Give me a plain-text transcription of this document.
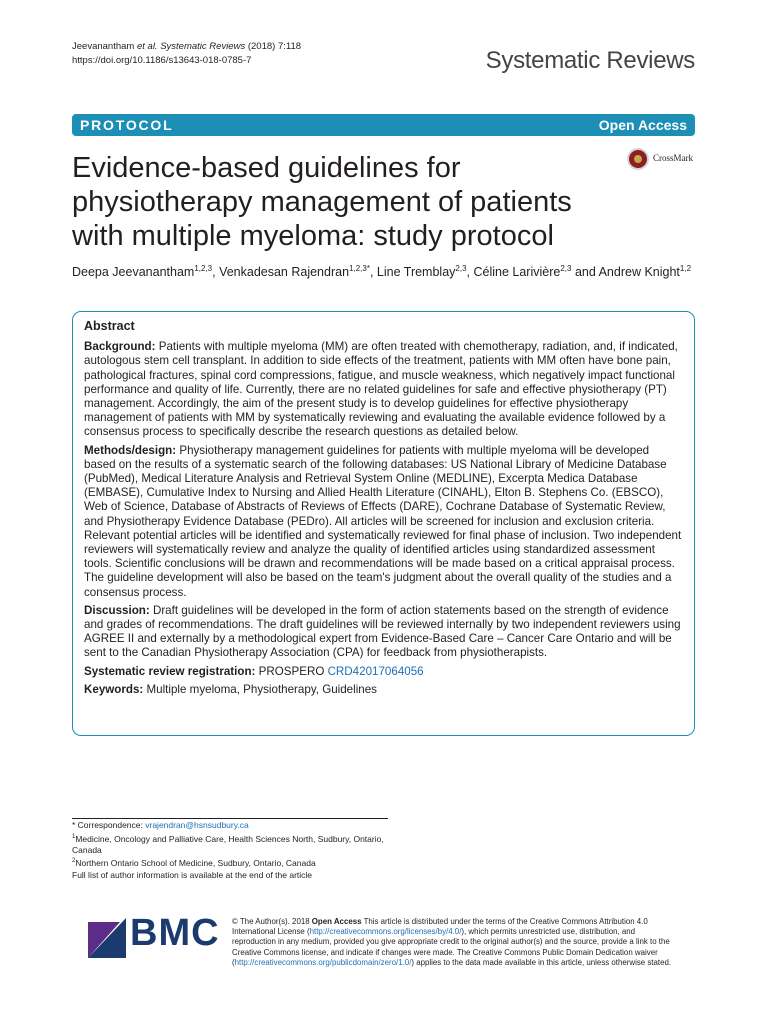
Jeevanantham et al. Systematic Reviews (2018) 7:118
https://doi.org/10.1186/s13643-018-0785-7	Systematic Reviews
PROTOCOL	Open Access
CrossMark
Evidence-based guidelines for physiotherapy management of patients with multiple myeloma: study protocol
Deepa Jeevanantham$^{1,2,3}$, Venkadesan Rajendran$^{1,2,3*}$, Line Tremblay$^{2,3}$, Céline Larivière$^{2,3}$ and Andrew Knight$^{1,2}$
Abstract

Background: Patients with multiple myeloma (MM) are often treated with chemotherapy, radiation, and, if indicated, autologous stem cell transplant. In addition to side effects of the treatment, patients with MM often have bone pain, pathological fractures, spinal cord compressions, fatigue, and muscle weakness, which negatively impact functional performance and quality of life. Currently, there are no related guidelines for safe and effective physiotherapy (PT) management. Accordingly, the aim of the present study is to develop guidelines for effective physiotherapy management of patients with MM by systematically reviewing and evaluating the available evidence followed by a consensus process to specifically describe the research questions as detailed below.

Methods/design: Physiotherapy management guidelines for patients with multiple myeloma will be developed based on the results of a systematic search of the following databases: US National Library of Medicine Database (PubMed), Medical Literature Analysis and Retrieval System Online (MEDLINE), Excerpta Medica Database (EMBASE), Cumulative Index to Nursing and Allied Health Literature (CINAHL), Elton B. Stephens Co. (EBSCO), Web of Science, Database of Abstracts of Reviews of Effects (DARE), Cochrane Database of Systematic Review, and Physiotherapy Evidence Database (PEDro). All articles will be screened for inclusion and exclusion criteria. Relevant potential articles will be identified and systematically reviewed for final phase of inclusion. Two independent reviewers will systematically review and analyze the quality of identified articles using standardized assessment tools. Scientific conclusions will be drawn and recommendations will be made based on a critical appraisal process. The guideline development will also be based on the team's judgment about the overall quality of the studies and a consensus process.

Discussion: Draft guidelines will be developed in the form of action statements based on the strength of evidence and grades of recommendations. The draft guidelines will be reviewed internally by two independent reviewers using AGREE II and externally by a methodological expert from Evidence-Based Care – Cancer Care Ontario and will be sent to the Canadian Physiotherapy Association (CPA) for feedback from physiotherapists.

Systematic review registration: PROSPERO CRD42017064056

Keywords: Multiple myeloma, Physiotherapy, Guidelines

* Correspondence: vrajendran@hsnsudbury.ca

$^1$Medicine, Oncology and Palliative Care, Health Sciences North, Sudbury, Ontario, Canada

$^2$Northern Ontario School of Medicine, Sudbury, Ontario, Canada

Full list of author information is available at the end of the article

BMC © The Author(s). 2018 Open Access This article is distributed under the terms of the Creative Commons Attribution 4.0 International License (http://creativecommons.org/licenses/by/4.0/), which permits unrestricted use, distribution, and reproduction in any medium, provided you give appropriate credit to the original author(s) and the source, provide a link to the Creative Commons license, and indicate if changes were made. The Creative Commons Public Domain Dedication waiver (http://creativecommons.org/publicdomain/zero/1.0/) applies to the data made available in this article, unless otherwise stated.
